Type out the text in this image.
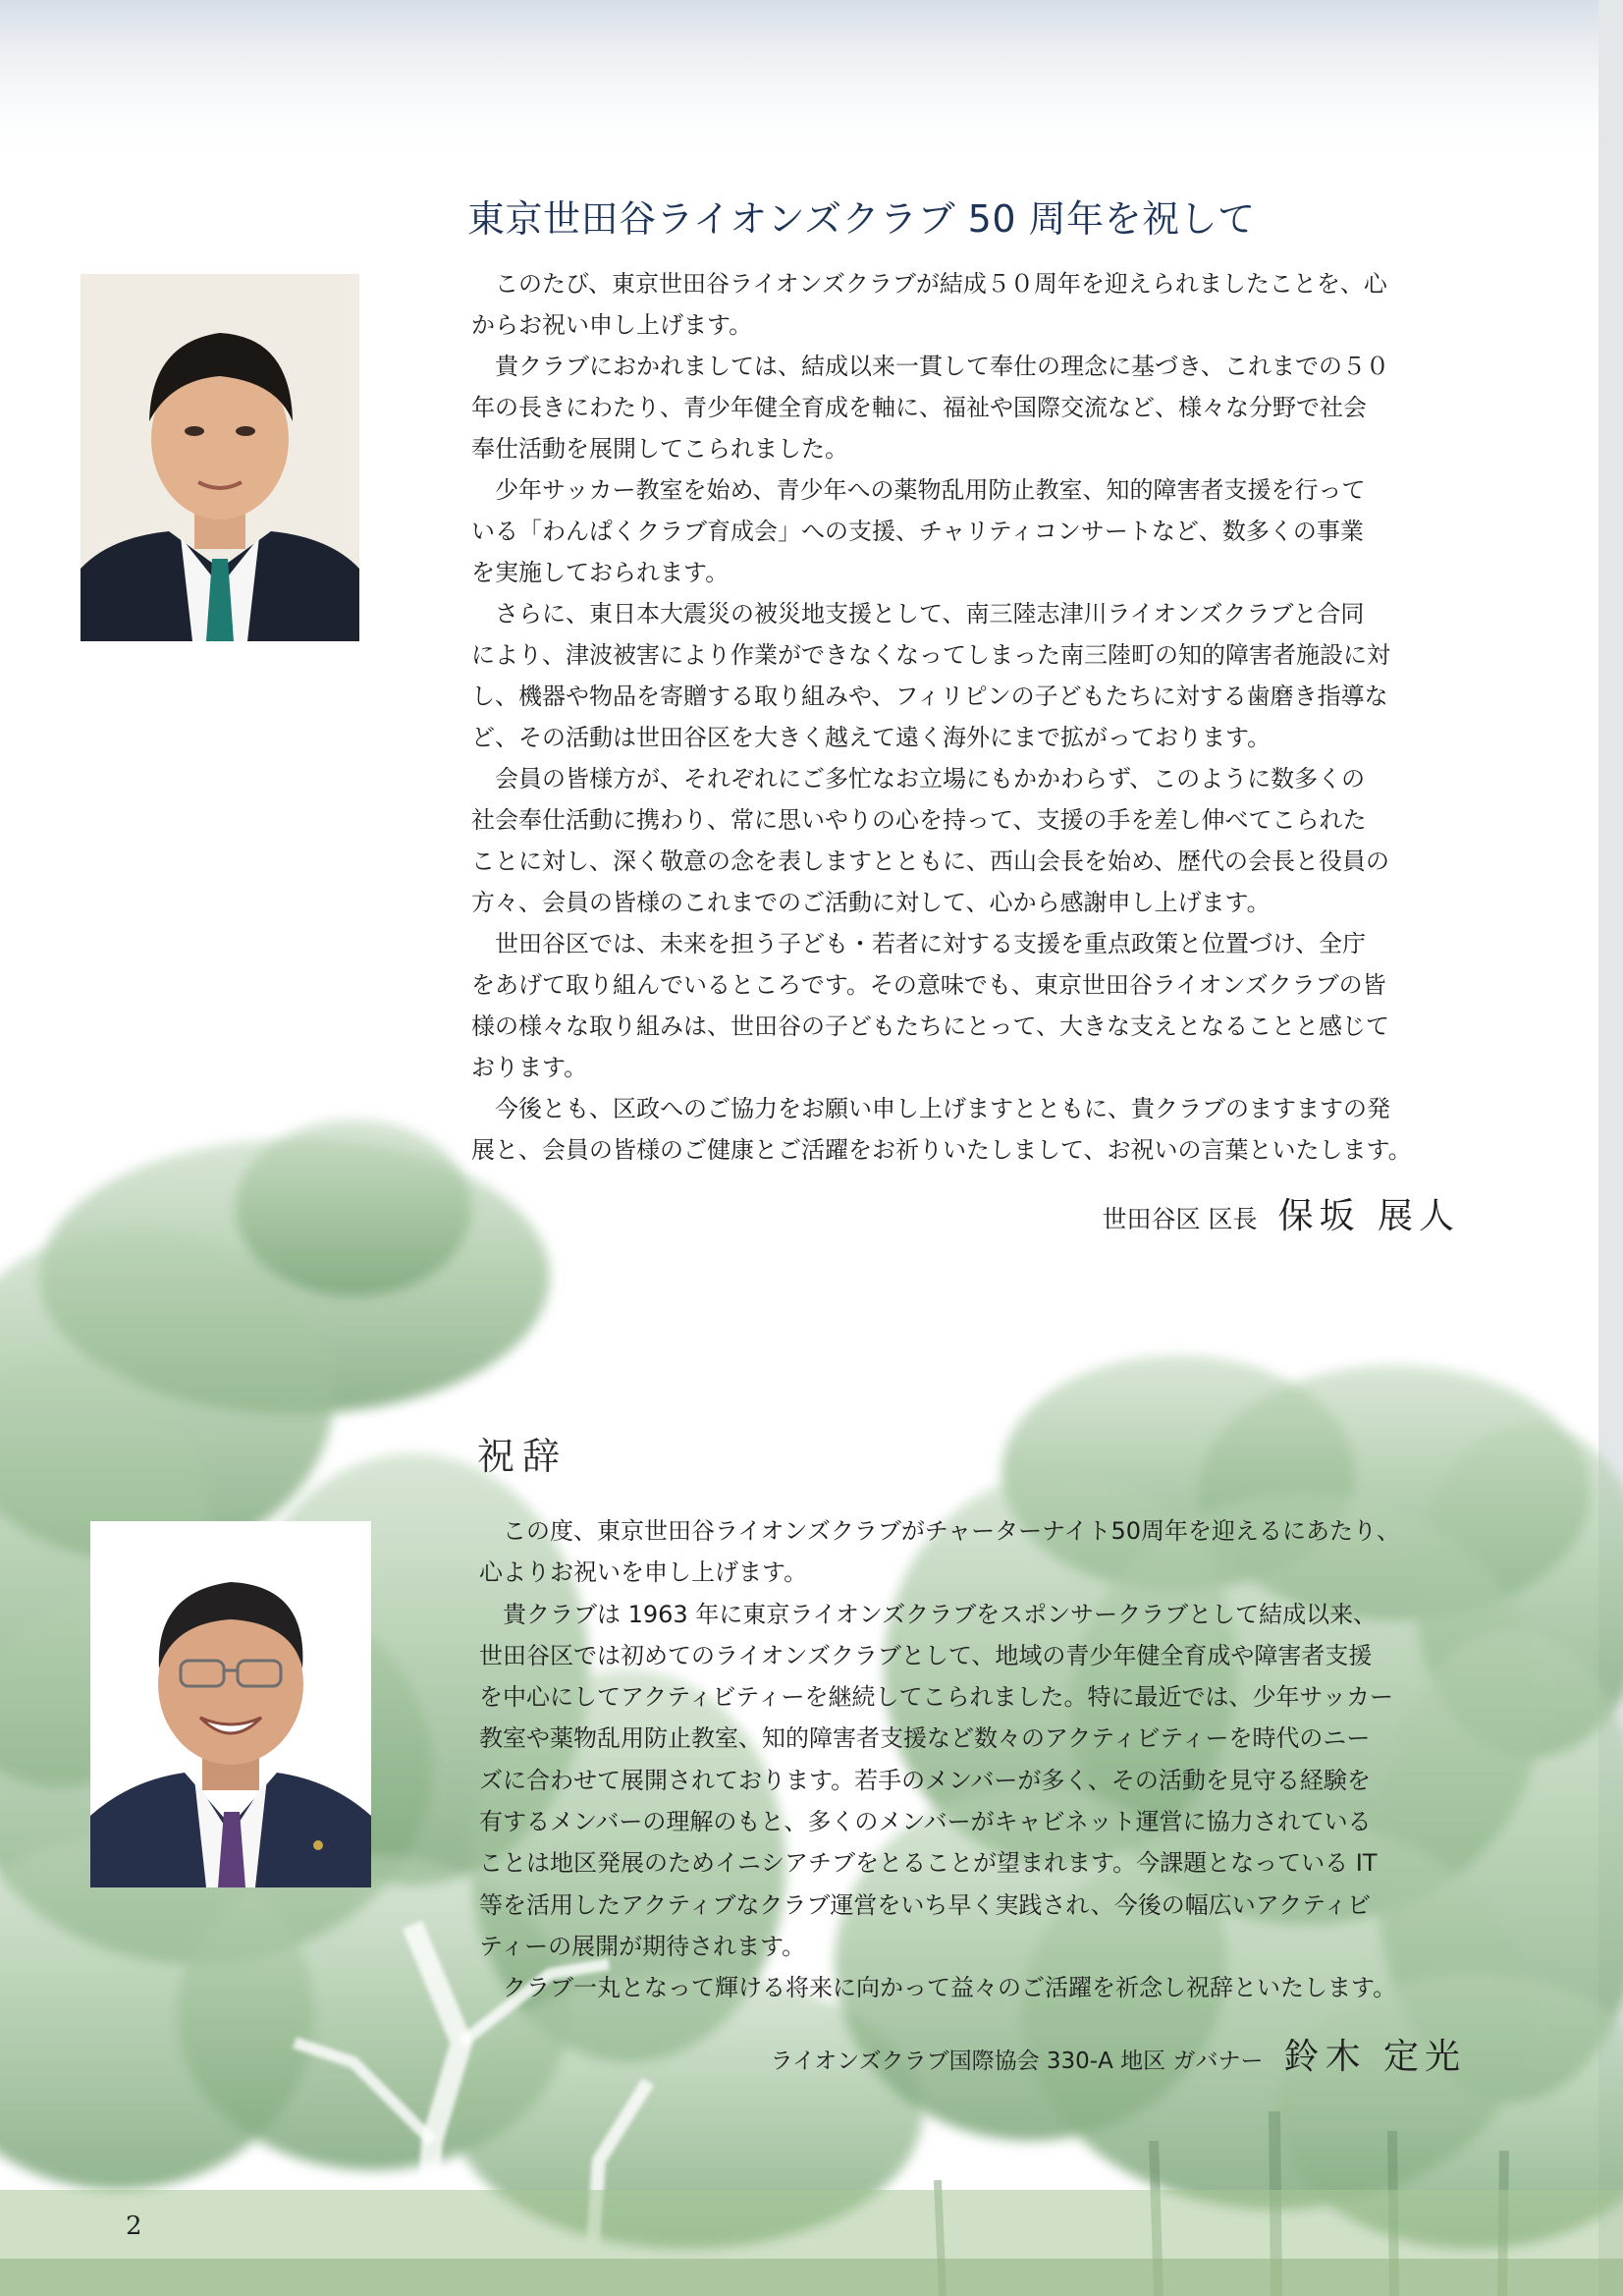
東京世田谷ライオンズクラブ 50 周年を祝して
　このたび、東京世田谷ライオンズクラブが結成５０周年を迎えられましたことを、心
からお祝い申し上げます。
　貴クラブにおかれましては、結成以来一貫して奉仕の理念に基づき、これまでの５０
年の長きにわたり、青少年健全育成を軸に、福祉や国際交流など、様々な分野で社会
奉仕活動を展開してこられました。
　少年サッカー教室を始め、青少年への薬物乱用防止教室、知的障害者支援を行って
いる「わんぱくクラブ育成会」への支援、チャリティコンサートなど、数多くの事業
を実施しておられます。
　さらに、東日本大震災の被災地支援として、南三陸志津川ライオンズクラブと合同
により、津波被害により作業ができなくなってしまった南三陸町の知的障害者施設に対
し、機器や物品を寄贈する取り組みや、フィリピンの子どもたちに対する歯磨き指導な
ど、その活動は世田谷区を大きく越えて遠く海外にまで拡がっております。
　会員の皆様方が、それぞれにご多忙なお立場にもかかわらず、このように数多くの
社会奉仕活動に携わり、常に思いやりの心を持って、支援の手を差し伸べてこられた
ことに対し、深く敬意の念を表しますとともに、西山会長を始め、歴代の会長と役員の
方々、会員の皆様のこれまでのご活動に対して、心から感謝申し上げます。
　世田谷区では、未来を担う子ども・若者に対する支援を重点政策と位置づけ、全庁
をあげて取り組んでいるところです。その意味でも、東京世田谷ライオンズクラブの皆
様の様々な取り組みは、世田谷の子どもたちにとって、大きな支えとなることと感じて
おります。
　今後とも、区政へのご協力をお願い申し上げますとともに、貴クラブのますますの発
展と、会員の皆様のご健康とご活躍をお祈りいたしまして、お祝いの言葉といたします。
世田谷区 区長 保坂 展人
祝辞
　この度、東京世田谷ライオンズクラブがチャーターナイト50周年を迎えるにあたり、
心よりお祝いを申し上げます。
　貴クラブは 1963 年に東京ライオンズクラブをスポンサークラブとして結成以来、
世田谷区では初めてのライオンズクラブとして、地域の青少年健全育成や障害者支援
を中心にしてアクティビティーを継続してこられました。特に最近では、少年サッカー
教室や薬物乱用防止教室、知的障害者支援など数々のアクティビティーを時代のニー
ズに合わせて展開されております。若手のメンバーが多く、その活動を見守る経験を
有するメンバーの理解のもと、多くのメンバーがキャビネット運営に協力されている
ことは地区発展のためイニシアチブをとることが望まれます。今課題となっている IT
等を活用したアクティブなクラブ運営をいち早く実践され、今後の幅広いアクティビ
ティーの展開が期待されます。
　クラブ一丸となって輝ける将来に向かって益々のご活躍を祈念し祝辞といたします。
ライオンズクラブ国際協会 330-A 地区 ガバナー 鈴木 定光
2
